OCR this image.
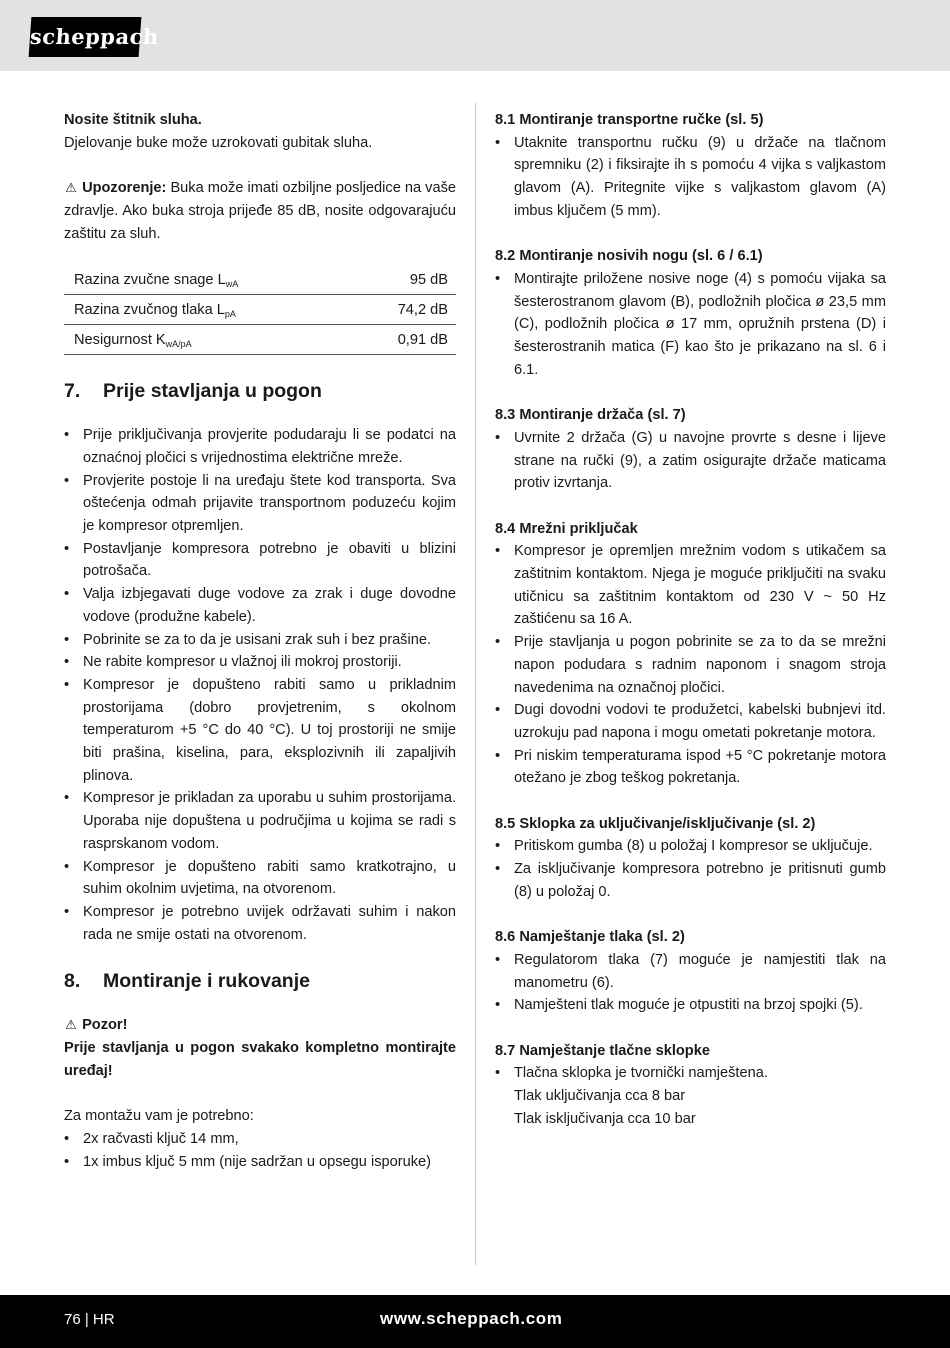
scheppach

Nosite štitnik sluha.

Djelovanje buke može uzrokovati gubitak sluha.

⚠ Upozorenje: Buka može imati ozbiljne posljedice na vaše zdravlje. Ako buka stroja prijeđe 85 dB, nosite odgovarajuću zaštitu za sluh.

Razina zvučne snage $L_{wA}$	95 dB
Razina zvučnog tlaka $L_{pA}$	74,2 dB
Nesigurnost $K_{wA/pA}$	0,91 dB
7. Prije stavljanja u pogon
• Prije priključivanja provjerite podudaraju li se podatci na oznaćnoj pločici s vrijednostima električne mreže.
• Provjerite postoje li na uređaju štete kod transporta. Sva oštećenja odmah prijavite transportnom poduzeću kojim je kompresor otpremljen.
• Postavljanje kompresora potrebno je obaviti u blizini potrošača.
• Valja izbjegavati duge vodove za zrak i duge dovodne vodove (produžne kabele).
• Pobrinite se za to da je usisani zrak suh i bez prašine.
• Ne rabite kompresor u vlažnoj ili mokroj prostoriji.
• Kompresor je dopušteno rabiti samo u prikladnim prostorijama (dobro provjetrenim, s okolnom temperaturom +5 °C do 40 °C). U toj prostoriji ne smije biti prašina, kiselina, para, eksplozivnih ili zapaljivih plinova.
• Kompresor je prikladan za uporabu u suhim prostorijama. Uporaba nije dopuštena u područjima u kojima se radi s rasprskanom vodom.
• Kompresor je dopušteno rabiti samo kratkotrajno, u suhim okolnim uvjetima, na otvorenom.
• Kompresor je potrebno uvijek održavati suhim i nakon rada ne smije ostati na otvorenom.
8. Montiranje i rukovanje

⚠ Pozor!

Prije stavljanja u pogon svakako kompletno montirajte uređaj!

Za montažu vam je potrebno:

• 2x račvasti ključ 14 mm,
• 1x imbus ključ 5 mm (nije sadržan u opsegu isporuke)
8.1 Montiranje transportne ručke (sl. 5)
• Utaknite transportnu ručku (9) u držače na tlačnom spremniku (2) i fiksirajte ih s pomoću 4 vijka s valjkastom glavom (A). Pritegnite vijke s valjkastom glavom (A) imbus ključem (5 mm).
8.2 Montiranje nosivih nogu (sl. 6 / 6.1)
• Montirajte priložene nosive noge (4) s pomoću vijaka sa šesterostranom glavom (B), podložnih pločica ø 23,5 mm (C), podložnih pločica ø 17 mm, opružnih prstena (D) i šesterostranih matica (F) kao što je prikazano na sl. 6 i 6.1.
8.3 Montiranje držača (sl. 7)
• Uvrnite 2 držača (G) u navojne provrte s desne i lijeve strane na ručki (9), a zatim osigurajte držače maticama protiv izvrtanja.
8.4 Mrežni priključak
• Kompresor je opremljen mrežnim vodom s utikačem sa zaštitnim kontaktom. Njega je moguće priključiti na svaku utičnicu sa zaštitnim kontaktom od 230 V ~ 50 Hz zaštićenu sa 16 A.
• Prije stavljanja u pogon pobrinite se za to da se mrežni napon podudara s radnim naponom i snagom stroja navedenima na označnoj pločici.
• Dugi dovodni vodovi te produžetci, kabelski bubnjevi itd. uzrokuju pad napona i mogu ometati pokretanje motora.
• Pri niskim temperaturama ispod +5 °C pokretanje motora otežano je zbog teškog pokretanja.
8.5 Sklopka za uključivanje/isključivanje (sl. 2)
• Pritiskom gumba (8) u položaj I kompresor se uključuje.
• Za isključivanje kompresora potrebno je pritisnuti gumb (8) u položaj 0.
8.6 Namještanje tlaka (sl. 2)
• Regulatorom tlaka (7) moguće je namjestiti tlak na manometru (6).
• Namješteni tlak moguće je otpustiti na brzoj spojki (5).
8.7 Namještanje tlačne sklopke
• Tlačna sklopka je tvornički namještena.
Tlak uključivanja cca 8 bar
Tlak isključivanja cca 10 bar
76 | HR	www.scheppach.com
